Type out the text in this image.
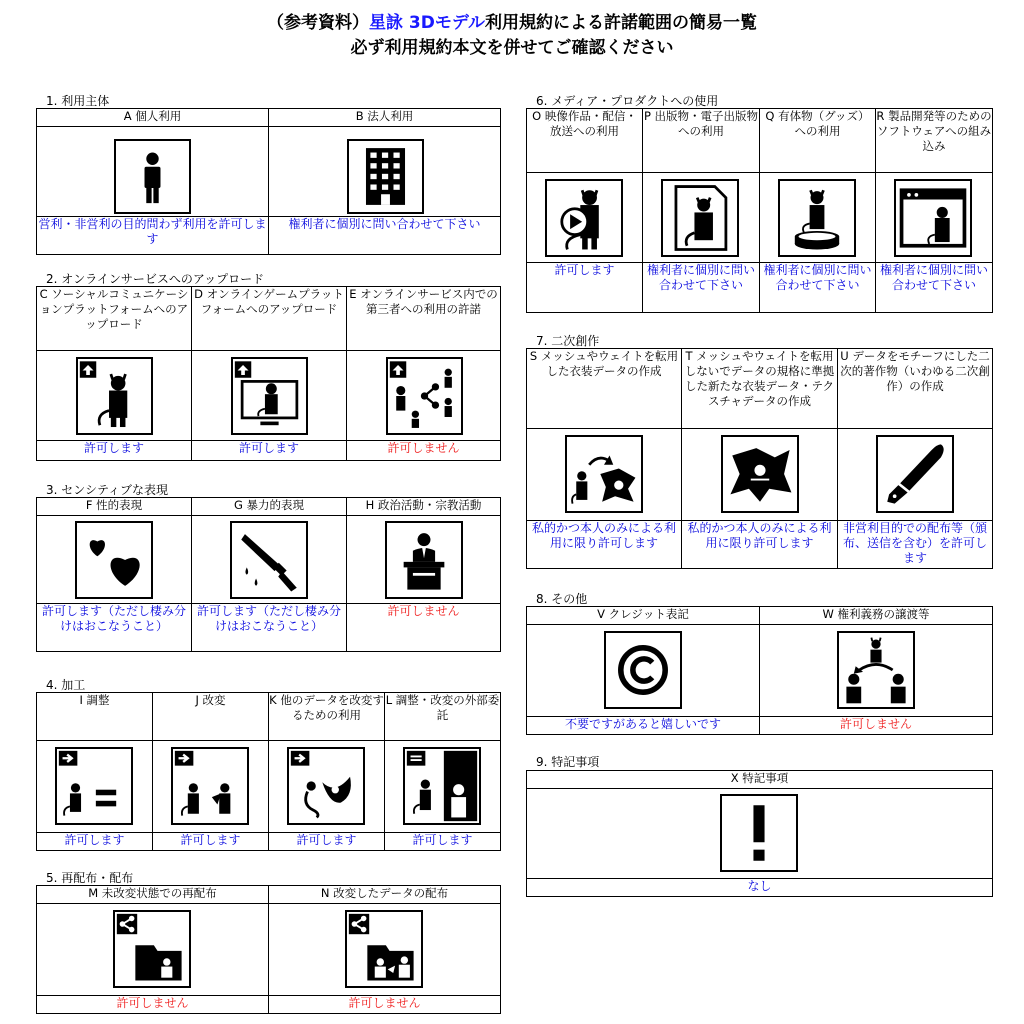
（参考資料）星詠 3Dモデル利用規約による許諾範囲の簡易一覧
必ず利用規約本文を併せてご確認ください
1. 利用主体
A 個人利用	B 法人利用

営利・非営利の目的問わず利用を許可します	権利者に個別に問い合わせて下さい
2. オンラインサービスへのアップロード
C ソーシャルコミュニケーションプラットフォームへのアップロード	D オンラインゲームプラットフォームへのアップロード	E オンラインサービス内での第三者への利用の許諾

許可します	許可します	許可しません
3. センシティブな表現
F 性的表現	G 暴力的表現	H 政治活動・宗教活動

許可します（ただし棲み分けはおこなうこと）	許可します（ただし棲み分けはおこなうこと）	許可しません
4. 加工
I 調整	J 改変	K 他のデータを改変するための利用	L 調整・改変の外部委託

許可します	許可します	許可します	許可します
5. 再配布・配布
M 未改変状態での再配布	N 改変したデータの配布

許可しません	許可しません
6. メディア・プロダクトへの使用
O 映像作品・配信・放送への利用	P 出版物・電子出版物への利用	Q 有体物（グッズ）への利用	R 製品開発等のためのソフトウェアへの組み込み

許可します	権利者に個別に問い合わせて下さい	権利者に個別に問い合わせて下さい	権利者に個別に問い合わせて下さい
7. 二次創作
S メッシュやウェイトを転用した衣装データの作成	T メッシュやウェイトを転用しないでデータの規格に準拠した新たな衣装データ・テクスチャデータの作成	U データをモチーフにした二次的著作物（いわゆる二次創作）の作成

私的かつ本人のみによる利用に限り許可します	私的かつ本人のみによる利用に限り許可します	非営利目的での配布等（頒布、送信を含む）を許可します
8. その他
V クレジット表記	W 権利義務の譲渡等

不要ですがあると嬉しいです	許可しません
9. 特記事項
X 特記事項

なし
